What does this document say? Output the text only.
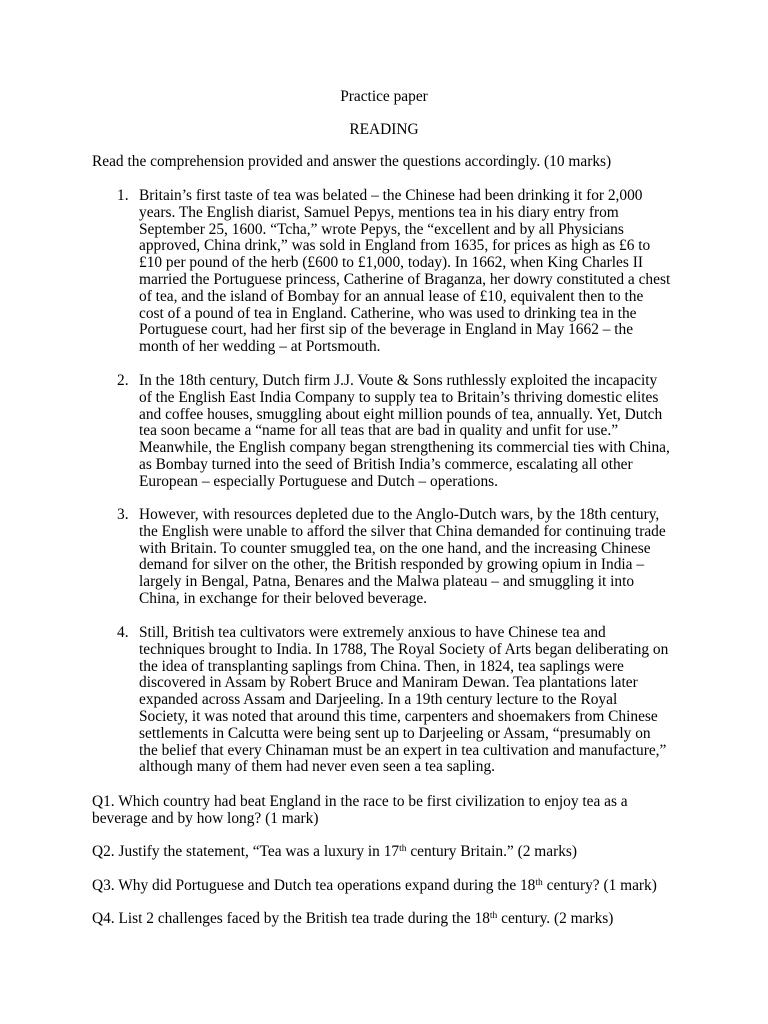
Practice paper
READING
Read the comprehension provided and answer the questions accordingly. (10 marks)
1. Britain’s first taste of tea was belated – the Chinese had been drinking it for 2,000
years. The English diarist, Samuel Pepys, mentions tea in his diary entry from
September 25, 1600. “Tcha,” wrote Pepys, the “excellent and by all Physicians
approved, China drink,” was sold in England from 1635, for prices as high as £6 to
£10 per pound of the herb (£600 to £1,000, today). In 1662, when King Charles II
married the Portuguese princess, Catherine of Braganza, her dowry constituted a chest
of tea, and the island of Bombay for an annual lease of £10, equivalent then to the
cost of a pound of tea in England. Catherine, who was used to drinking tea in the
Portuguese court, had her first sip of the beverage in England in May 1662 – the
month of her wedding – at Portsmouth.
2. In the 18th century, Dutch firm J.J. Voute & Sons ruthlessly exploited the incapacity
of the English East India Company to supply tea to Britain’s thriving domestic elites
and coffee houses, smuggling about eight million pounds of tea, annually. Yet, Dutch
tea soon became a “name for all teas that are bad in quality and unfit for use.”
Meanwhile, the English company began strengthening its commercial ties with China,
as Bombay turned into the seed of British India’s commerce, escalating all other
European – especially Portuguese and Dutch – operations.
3. However, with resources depleted due to the Anglo-Dutch wars, by the 18th century,
the English were unable to afford the silver that China demanded for continuing trade
with Britain. To counter smuggled tea, on the one hand, and the increasing Chinese
demand for silver on the other, the British responded by growing opium in India –
largely in Bengal, Patna, Benares and the Malwa plateau – and smuggling it into
China, in exchange for their beloved beverage.
4. Still, British tea cultivators were extremely anxious to have Chinese tea and
techniques brought to India. In 1788, The Royal Society of Arts began deliberating on
the idea of transplanting saplings from China. Then, in 1824, tea saplings were
discovered in Assam by Robert Bruce and Maniram Dewan. Tea plantations later
expanded across Assam and Darjeeling. In a 19th century lecture to the Royal
Society, it was noted that around this time, carpenters and shoemakers from Chinese
settlements in Calcutta were being sent up to Darjeeling or Assam, “presumably on
the belief that every Chinaman must be an expert in tea cultivation and manufacture,”
although many of them had never even seen a tea sapling.
Q1. Which country had beat England in the race to be first civilization to enjoy tea as a
beverage and by how long? (1 mark)
Q2. Justify the statement, “Tea was a luxury in 17th century Britain.” (2 marks)
Q3. Why did Portuguese and Dutch tea operations expand during the 18th century? (1 mark)
Q4. List 2 challenges faced by the British tea trade during the 18th century. (2 marks)
